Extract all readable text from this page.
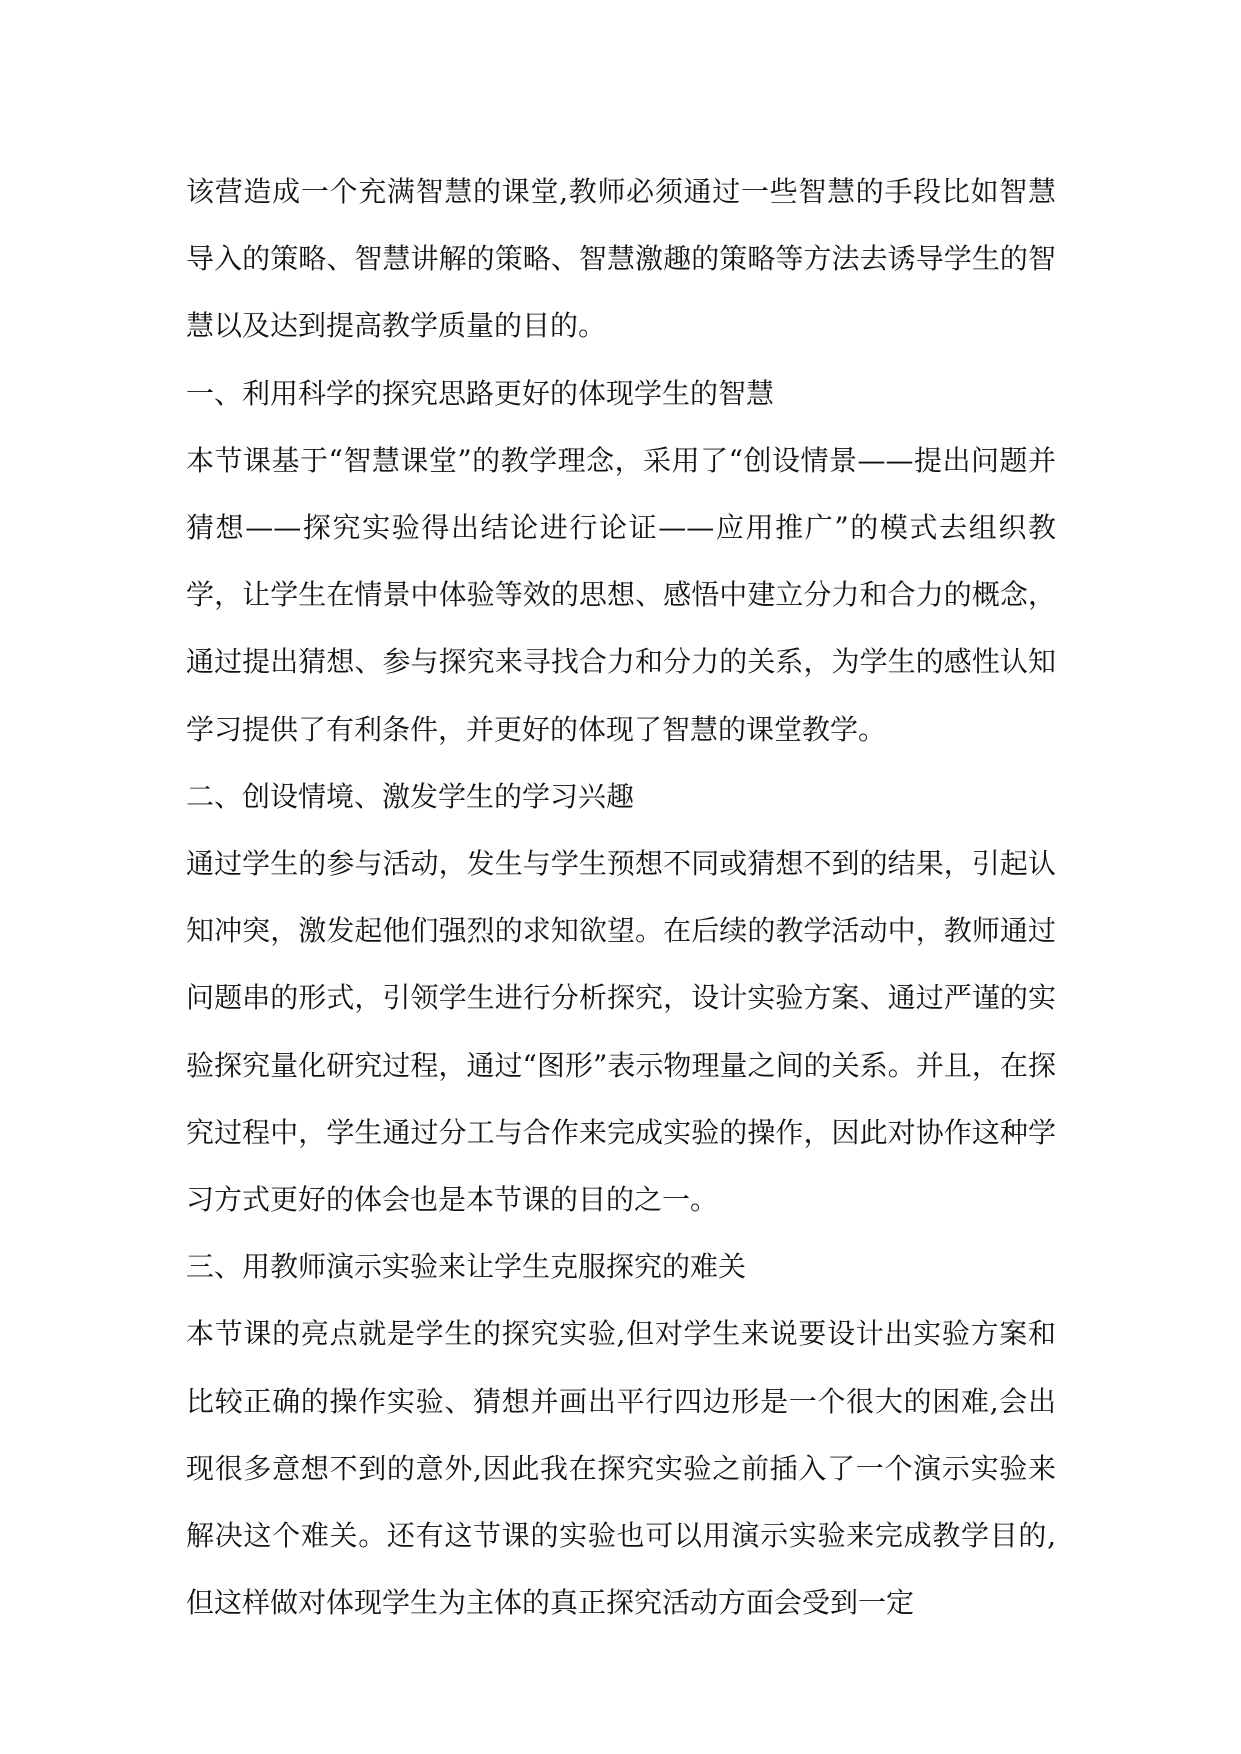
该营造成一个充满智慧的课堂,教师必须通过一些智慧的手段比如智慧导入的策略、智慧讲解的策略、智慧激趣的策略等方法去诱导学生的智慧以及达到提高教学质量的目的。

一、利用科学的探究思路更好的体现学生的智慧

本节课基于“智慧课堂”的教学理念，采用了“创设情景——提出问题并猜想——探究实验得出结论进行论证——应用推广”的模式去组织教学，让学生在情景中体验等效的思想、感悟中建立分力和合力的概念，通过提出猜想、参与探究来寻找合力和分力的关系，为学生的感性认知学习提供了有利条件，并更好的体现了智慧的课堂教学。

二、创设情境、激发学生的学习兴趣

通过学生的参与活动，发生与学生预想不同或猜想不到的结果，引起认知冲突，激发起他们强烈的求知欲望。在后续的教学活动中，教师通过问题串的形式，引领学生进行分析探究，设计实验方案、通过严谨的实验探究量化研究过程，通过“图形”表示物理量之间的关系。并且，在探究过程中，学生通过分工与合作来完成实验的操作，因此对协作这种学习方式更好的体会也是本节课的目的之一。

三、用教师演示实验来让学生克服探究的难关

本节课的亮点就是学生的探究实验,但对学生来说要设计出实验方案和比较正确的操作实验、猜想并画出平行四边形是一个很大的困难,会出现很多意想不到的意外,因此我在探究实验之前插入了一个演示实验来解决这个难关。还有这节课的实验也可以用演示实验来完成教学目的,但这样做对体现学生为主体的真正探究活动方面会受到一定
